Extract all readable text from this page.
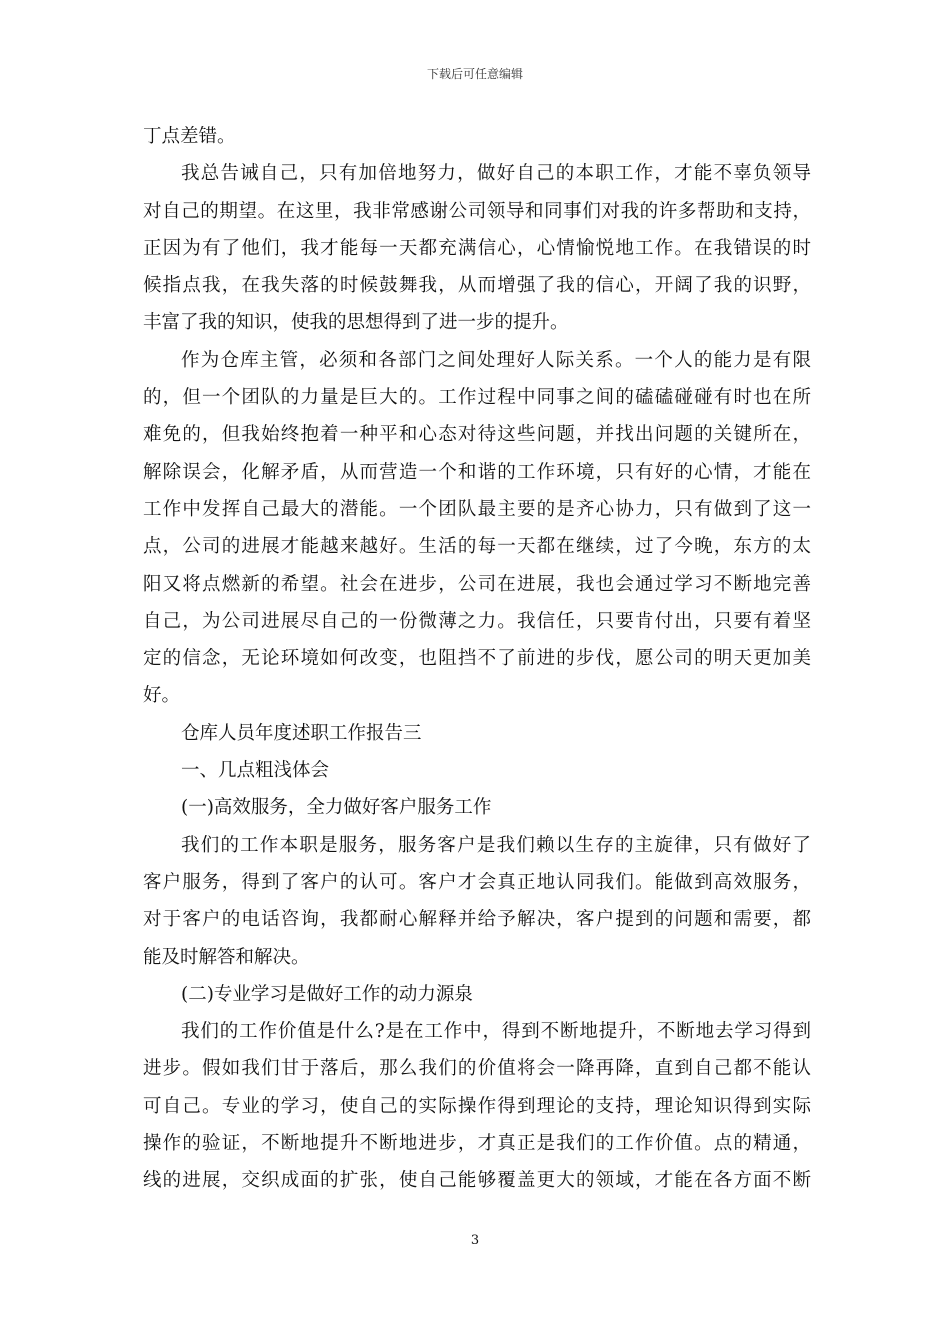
下载后可任意编辑
丁点差错。
我总告诫自己，只有加倍地努力，做好自己的本职工作，才能不辜负领导
对自己的期望。在这里，我非常感谢公司领导和同事们对我的许多帮助和支持，
正因为有了他们，我才能每一天都充满信心，心情愉悦地工作。在我错误的时
候指点我，在我失落的时候鼓舞我，从而增强了我的信心，开阔了我的识野，
丰富了我的知识，使我的思想得到了进一步的提升。
作为仓库主管，必须和各部门之间处理好人际关系。一个人的能力是有限
的，但一个团队的力量是巨大的。工作过程中同事之间的磕磕碰碰有时也在所
难免的，但我始终抱着一种平和心态对待这些问题，并找出问题的关键所在，
解除误会，化解矛盾，从而营造一个和谐的工作环境，只有好的心情，才能在
工作中发挥自己最大的潜能。一个团队最主要的是齐心协力，只有做到了这一
点，公司的进展才能越来越好。生活的每一天都在继续，过了今晚，东方的太
阳又将点燃新的希望。社会在进步，公司在进展，我也会通过学习不断地完善
自己，为公司进展尽自己的一份微薄之力。我信任，只要肯付出，只要有着坚
定的信念，无论环境如何改变，也阻挡不了前进的步伐，愿公司的明天更加美
好。
仓库人员年度述职工作报告三
一、几点粗浅体会
(一)高效服务，全力做好客户服务工作
我们的工作本职是服务，服务客户是我们赖以生存的主旋律，只有做好了
客户服务，得到了客户的认可。客户才会真正地认同我们。能做到高效服务，
对于客户的电话咨询，我都耐心解释并给予解决，客户提到的问题和需要，都
能及时解答和解决。
(二)专业学习是做好工作的动力源泉
我们的工作价值是什么?是在工作中，得到不断地提升，不断地去学习得到
进步。假如我们甘于落后，那么我们的价值将会一降再降，直到自己都不能认
可自己。专业的学习，使自己的实际操作得到理论的支持，理论知识得到实际
操作的验证，不断地提升不断地进步，才真正是我们的工作价值。点的精通，
线的进展，交织成面的扩张，使自己能够覆盖更大的领域，才能在各方面不断
3
